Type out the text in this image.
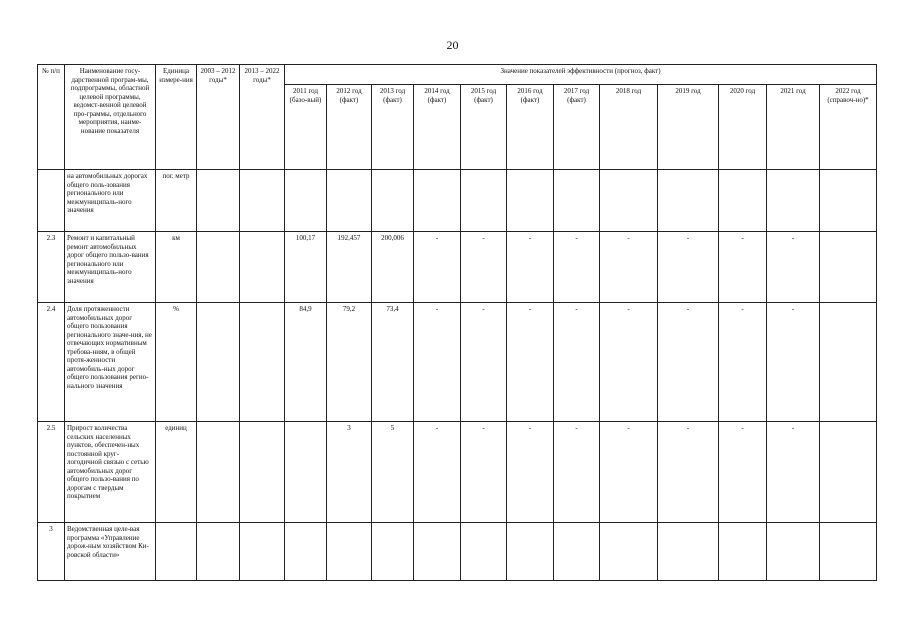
20
№ п/п	Наименование госу-дарственной програм-мы, подпрограммы, областной целевой программы, ведомст-венной целевой про-граммы, отдельного мероприятия, наиме-нование показателя	Единица измере-ния	2003 – 2012 годы*	2013 – 2022 годы*	Значение показателей эффективности (прогноз, факт)											
					2011 год (базо-вый)	2012 год (факт)	2013 год (факт)	2014 год (факт)	2015 год (факт)	2016 год (факт)	2017 год (факт)	2018 год	2019 год	2020 год	2021 год	2022 год (справоч-но)*
	на автомобильных дорогах общего поль-зования регионального или межмуниципаль-ного значения	пог. метр														
2.3	Ремонт и капитальный ремонт автомобильных дорог общего пользо-вания регионального или межмуниципаль-ного значения	км			100,17	192,457	200,006	-	-	-	-	-	-	-	-	
2.4	Доля протяженности автомобильных дорог общего пользования регионального значе-ния, не отвечающих нормативным требова-ниям, в общей протя-женности автомобиль-ных дорог общего пользования регио-нального значения	%			84,9	79,2	73,4	-	-	-	-	-	-	-	-	
2.5	Прирост количества сельских населенных пунктов, обеспечен-ных постоянной круг-логодичной связью с сетью автомобильных дорог общего пользо-вания по дорогам с твердым покрытием	единиц				3	5	-	-	-	-	-	-	-	-	
3	Ведомственная целе-вая программа «Управление дорож-ным хозяйством Ки-ровской области»															
